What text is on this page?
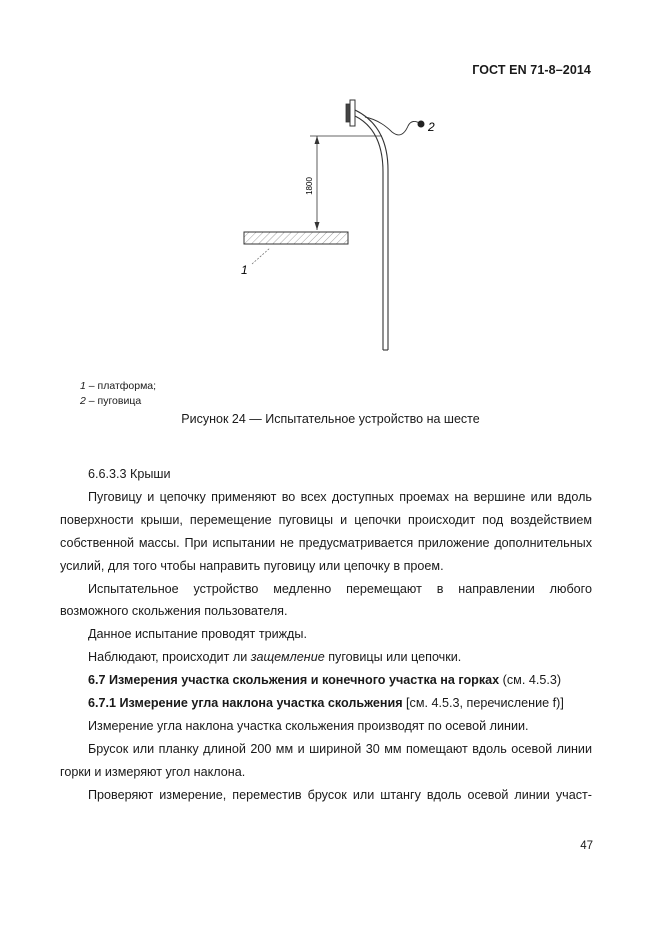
ГОСТ EN 71-8–2014
2
1800
1
1 – платформа;
2 – пуговица
Рисунок 24 — Испытательное устройство на шесте

6.6.3.3 Крыши

Пуговицу и цепочку применяют во всех доступных проемах на вершине или вдоль поверхности крыши, перемещение пуговицы и цепочки происходит под воздействием собственной массы. При испытании не предусматривается приложение дополнительных усилий, для того чтобы направить пуговицу или цепочку в проем.

Испытательное устройство медленно перемещают в направлении любого возможного скольжения пользователя.

Данное испытание проводят трижды.

Наблюдают, происходит ли защемление пуговицы или цепочки.

6.7 Измерения участка скольжения и конечного участка на горках (см. 4.5.3)

6.7.1 Измерение угла наклона участка скольжения [см. 4.5.3, перечисление f)]

Измерение угла наклона участка скольжения производят по осевой линии.

Брусок или планку длиной 200 мм и шириной 30 мм помещают вдоль осевой линии горки и измеряют угол наклона.

Проверяют измерение, переместив брусок или штангу вдоль осевой линии участ-

47
